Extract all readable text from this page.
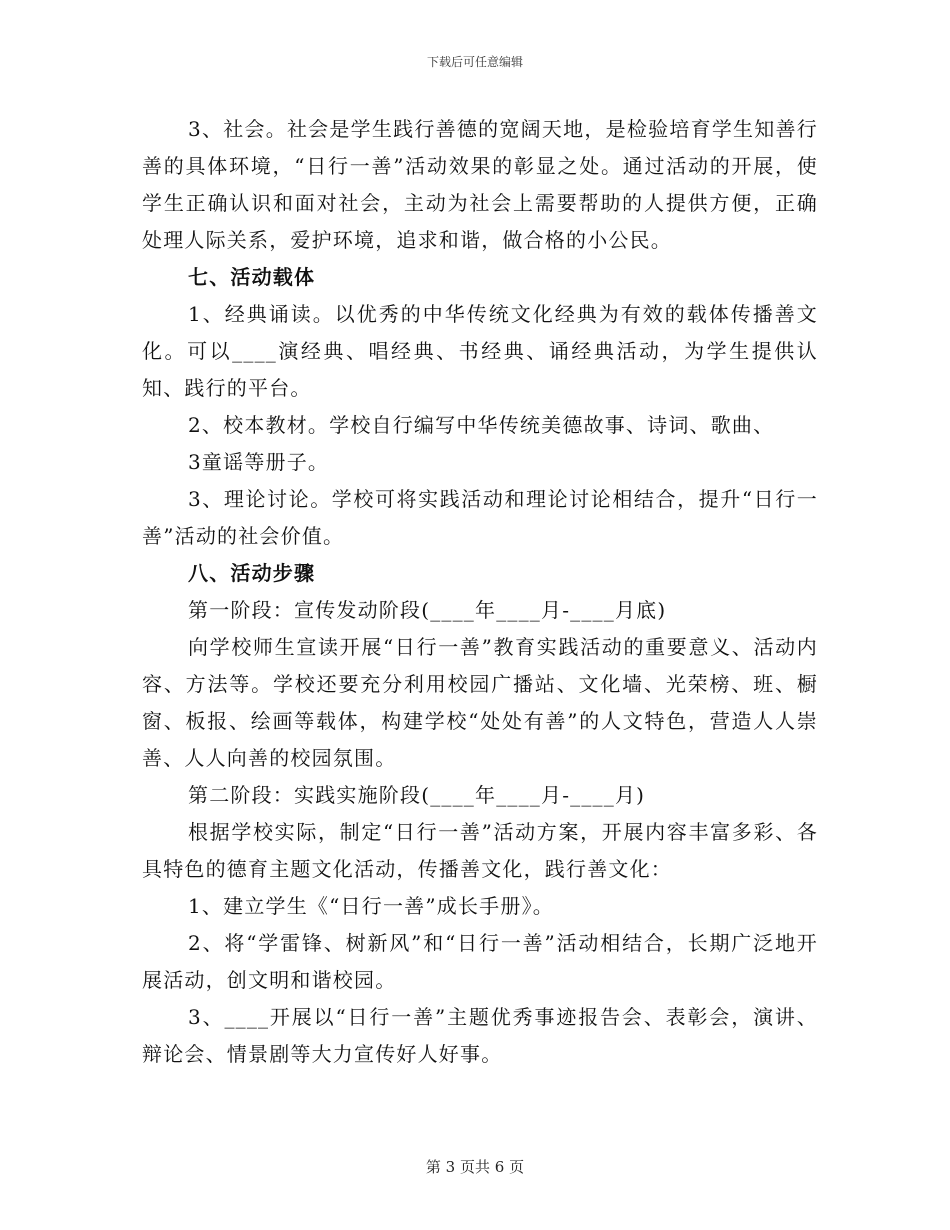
下载后可任意编辑

3、社会。社会是学生践行善德的宽阔天地，是检验培育学生知善行善的具体环境，“日行一善”活动效果的彰显之处。通过活动的开展，使学生正确认识和面对社会，主动为社会上需要帮助的人提供方便，正确处理人际关系，爱护环境，追求和谐，做合格的小公民。

七、活动载体

1、经典诵读。以优秀的中华传统文化经典为有效的载体传播善文化。可以____演经典、唱经典、书经典、诵经典活动，为学生提供认知、践行的平台。

2、校本教材。学校自行编写中华传统美德故事、诗词、歌曲、

3童谣等册子。

3、理论讨论。学校可将实践活动和理论讨论相结合，提升“日行一善”活动的社会价值。

八、活动步骤

第一阶段：宣传发动阶段(____年____月-____月底)

向学校师生宣读开展“日行一善”教育实践活动的重要意义、活动内容、方法等。学校还要充分利用校园广播站、文化墙、光荣榜、班、橱窗、板报、绘画等载体，构建学校“处处有善”的人文特色，营造人人崇善、人人向善的校园氛围。

第二阶段：实践实施阶段(____年____月-____月)

根据学校实际，制定“日行一善”活动方案，开展内容丰富多彩、各具特色的德育主题文化活动，传播善文化，践行善文化：

1、建立学生《“日行一善”成长手册》。

2、将“学雷锋、树新风”和“日行一善”活动相结合，长期广泛地开展活动，创文明和谐校园。

3、____开展以“日行一善”主题优秀事迹报告会、表彰会，演讲、辩论会、情景剧等大力宣传好人好事。

第 3 页共 6 页
